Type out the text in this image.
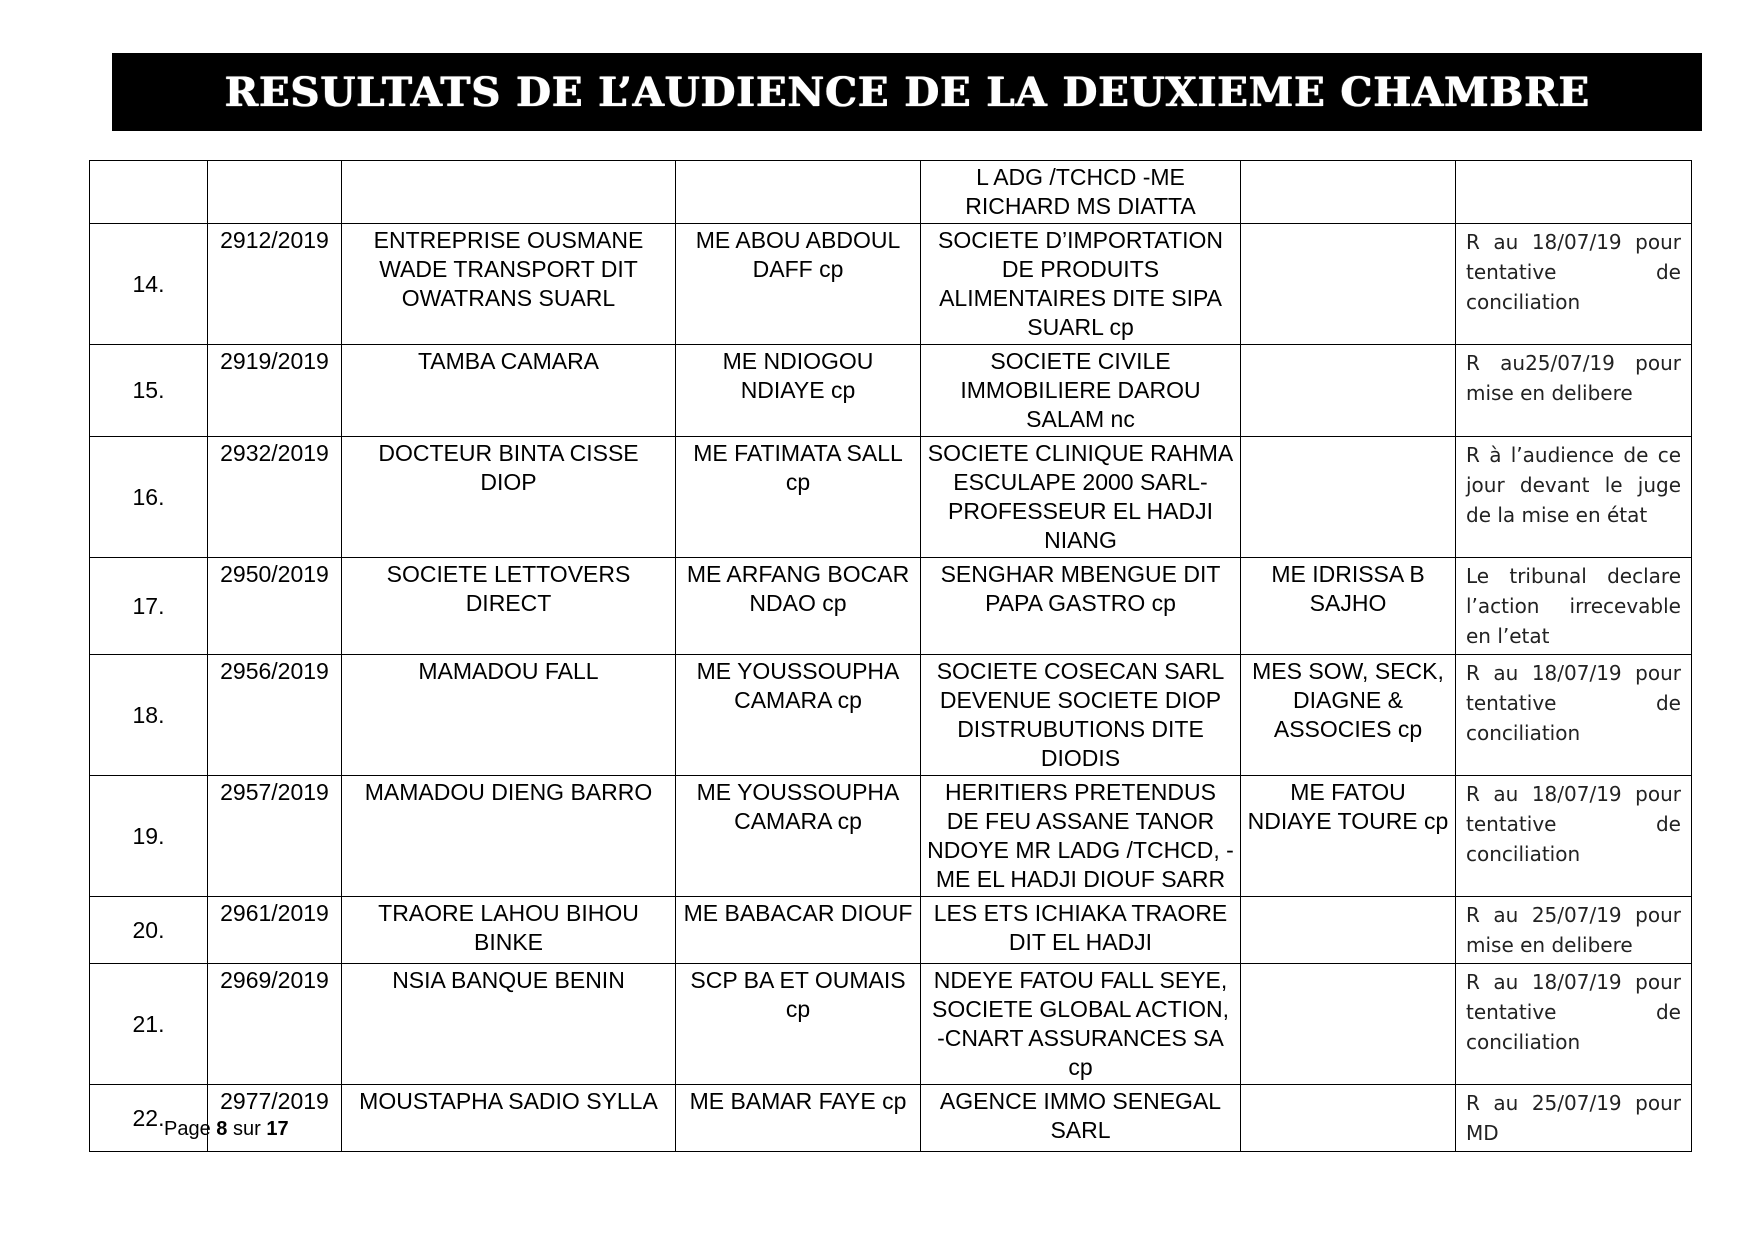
RESULTATS DE L’AUDIENCE DE LA DEUXIEME CHAMBRE
				L ADG /TCHCD -ME RICHARD MS DIATTA		
14.	2912/2019	ENTREPRISE OUSMANE WADE TRANSPORT DIT OWATRANS SUARL	ME ABOU ABDOUL DAFF cp	SOCIETE D’IMPORTATION DE PRODUITS ALIMENTAIRES DITE SIPA SUARL cp		R au 18/07/19 pour tentative de conciliation
15.	2919/2019	TAMBA CAMARA	ME NDIOGOU NDIAYE cp	SOCIETE CIVILE IMMOBILIERE DAROU SALAM nc		R au25/07/19 pour mise en delibere
16.	2932/2019	DOCTEUR BINTA CISSE DIOP	ME FATIMATA SALL cp	SOCIETE CLINIQUE RAHMA ESCULAPE 2000 SARL-PROFESSEUR EL HADJI NIANG		R à l’audience de ce jour devant le juge de la mise en état
17.	2950/2019	SOCIETE LETTOVERS DIRECT	ME ARFANG BOCAR NDAO cp	SENGHAR MBENGUE DIT PAPA GASTRO cp	ME IDRISSA B SAJHO	Le tribunal declare l’action irrecevable en l’etat
18.	2956/2019	MAMADOU FALL	ME YOUSSOUPHA CAMARA cp	SOCIETE COSECAN SARL DEVENUE SOCIETE DIOP DISTRUBUTIONS DITE DIODIS	MES SOW, SECK, DIAGNE & ASSOCIES cp	R au 18/07/19 pour tentative de conciliation
19.	2957/2019	MAMADOU DIENG BARRO	ME YOUSSOUPHA CAMARA cp	HERITIERS PRETENDUS DE FEU ASSANE TANOR NDOYE MR LADG /TCHCD, -ME EL HADJI DIOUF SARR	ME FATOU NDIAYE TOURE cp	R au 18/07/19 pour tentative de conciliation
20.	2961/2019	TRAORE LAHOU BIHOU BINKE	ME BABACAR DIOUF	LES ETS ICHIAKA TRAORE DIT EL HADJI		R au 25/07/19 pour mise en delibere
21.	2969/2019	NSIA BANQUE BENIN	SCP BA ET OUMAIS cp	NDEYE FATOU FALL SEYE, SOCIETE GLOBAL ACTION, -CNART ASSURANCES SA cp		R au 18/07/19 pour tentative de conciliation
22.	2977/2019	MOUSTAPHA SADIO SYLLA	ME BAMAR FAYE cp	AGENCE IMMO SENEGAL SARL		R au 25/07/19 pour MD
Page 8 sur 17
